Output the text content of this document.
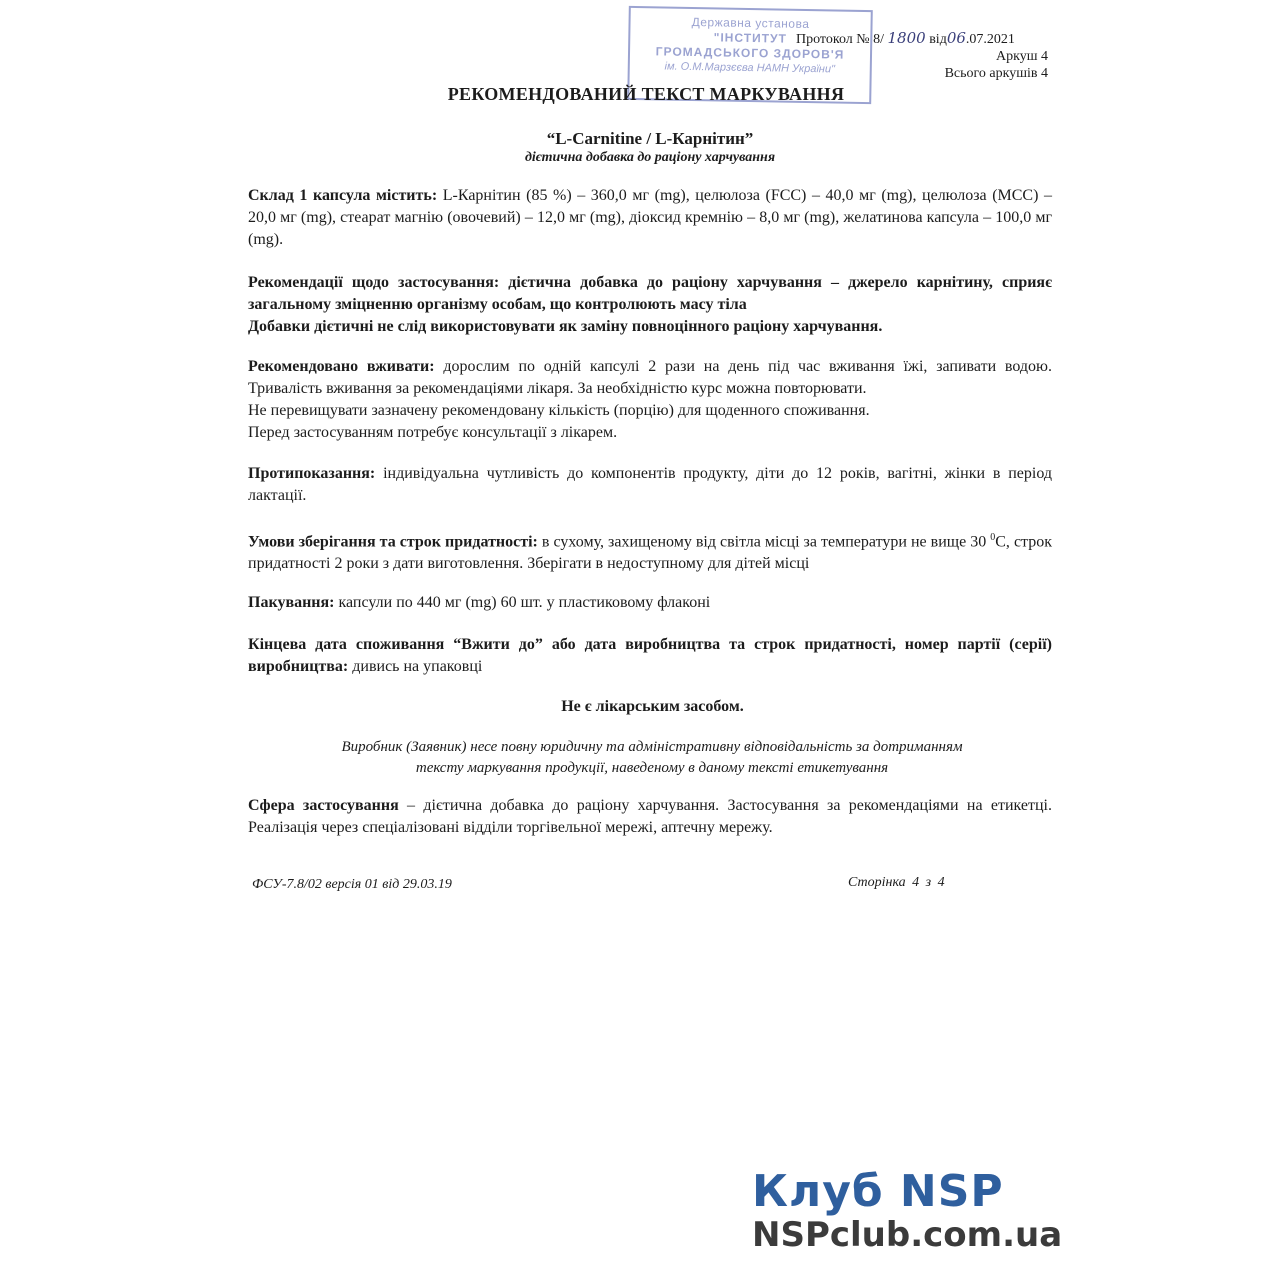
Державна установа
"ІНСТИТУТ
ГРОМАДСЬКОГО ЗДОРОВ'Я
ім. О.М.Марзєєва НАМН України"
Протокол № 8/ 1800 від06.07.2021
Аркуш 4
Всього аркушів 4
РЕКОМЕНДОВАНИЙ ТЕКСТ МАРКУВАННЯ
“L-Carnitine / L-Карнітин”
дієтична добавка до раціону харчування
Склад 1 капсула містить: L-Карнітин (85 %) – 360,0 мг (mg), целюлоза (FCC) – 40,0 мг (mg), целюлоза (MCC) – 20,0 мг (mg), стеарат магнію (овочевий) – 12,0 мг (mg), діоксид кремнію – 8,0 мг (mg), желатинова капсула – 100,0 мг (mg).
Рекомендації щодо застосування: дієтична добавка до раціону харчування – джерело карнітину, сприяє загальному зміцненню організму особам, що контролюють масу тіла
Добавки дієтичні не слід використовувати як заміну повноцінного раціону харчування.
Рекомендовано вживати: дорослим по одній капсулі 2 рази на день під час вживання їжі, запивати водою. Тривалість вживання за рекомендаціями лікаря. За необхідністю курс можна повторювати.
Не перевищувати зазначену рекомендовану кількість (порцію) для щоденного споживання.
Перед застосуванням потребує консультації з лікарем.
Протипоказання: індивідуальна чутливість до компонентів продукту, діти до 12 років, вагітні, жінки в період лактації.
Умови зберігання та строк придатності: в сухому, захищеному від світла місці за температури не вище 30 $^0$С, строк придатності 2 роки з дати виготовлення. Зберігати в недоступному для дітей місці
Пакування: капсули по 440 мг (mg) 60 шт. у пластиковому флаконі
Кінцева дата споживання “Вжити до” або дата виробництва та строк придатності, номер партії (серії) виробництва: дивись на упаковці
Не є лікарським засобом.
Виробник (Заявник) несе повну юридичну та адміністративну відповідальність за дотриманням
тексту маркування продукції, наведеному в даному тексті етикетування
Сфера застосування – дієтична добавка до раціону харчування. Застосування за рекомендаціями на етикетці. Реалізація через спеціалізовані відділи торгівельної мережі, аптечну мережу.
ФСУ-7.8/02 версія 01 від 29.03.19	Сторінка 4 з 4
Клуб NSP
NSPclub.com.ua
